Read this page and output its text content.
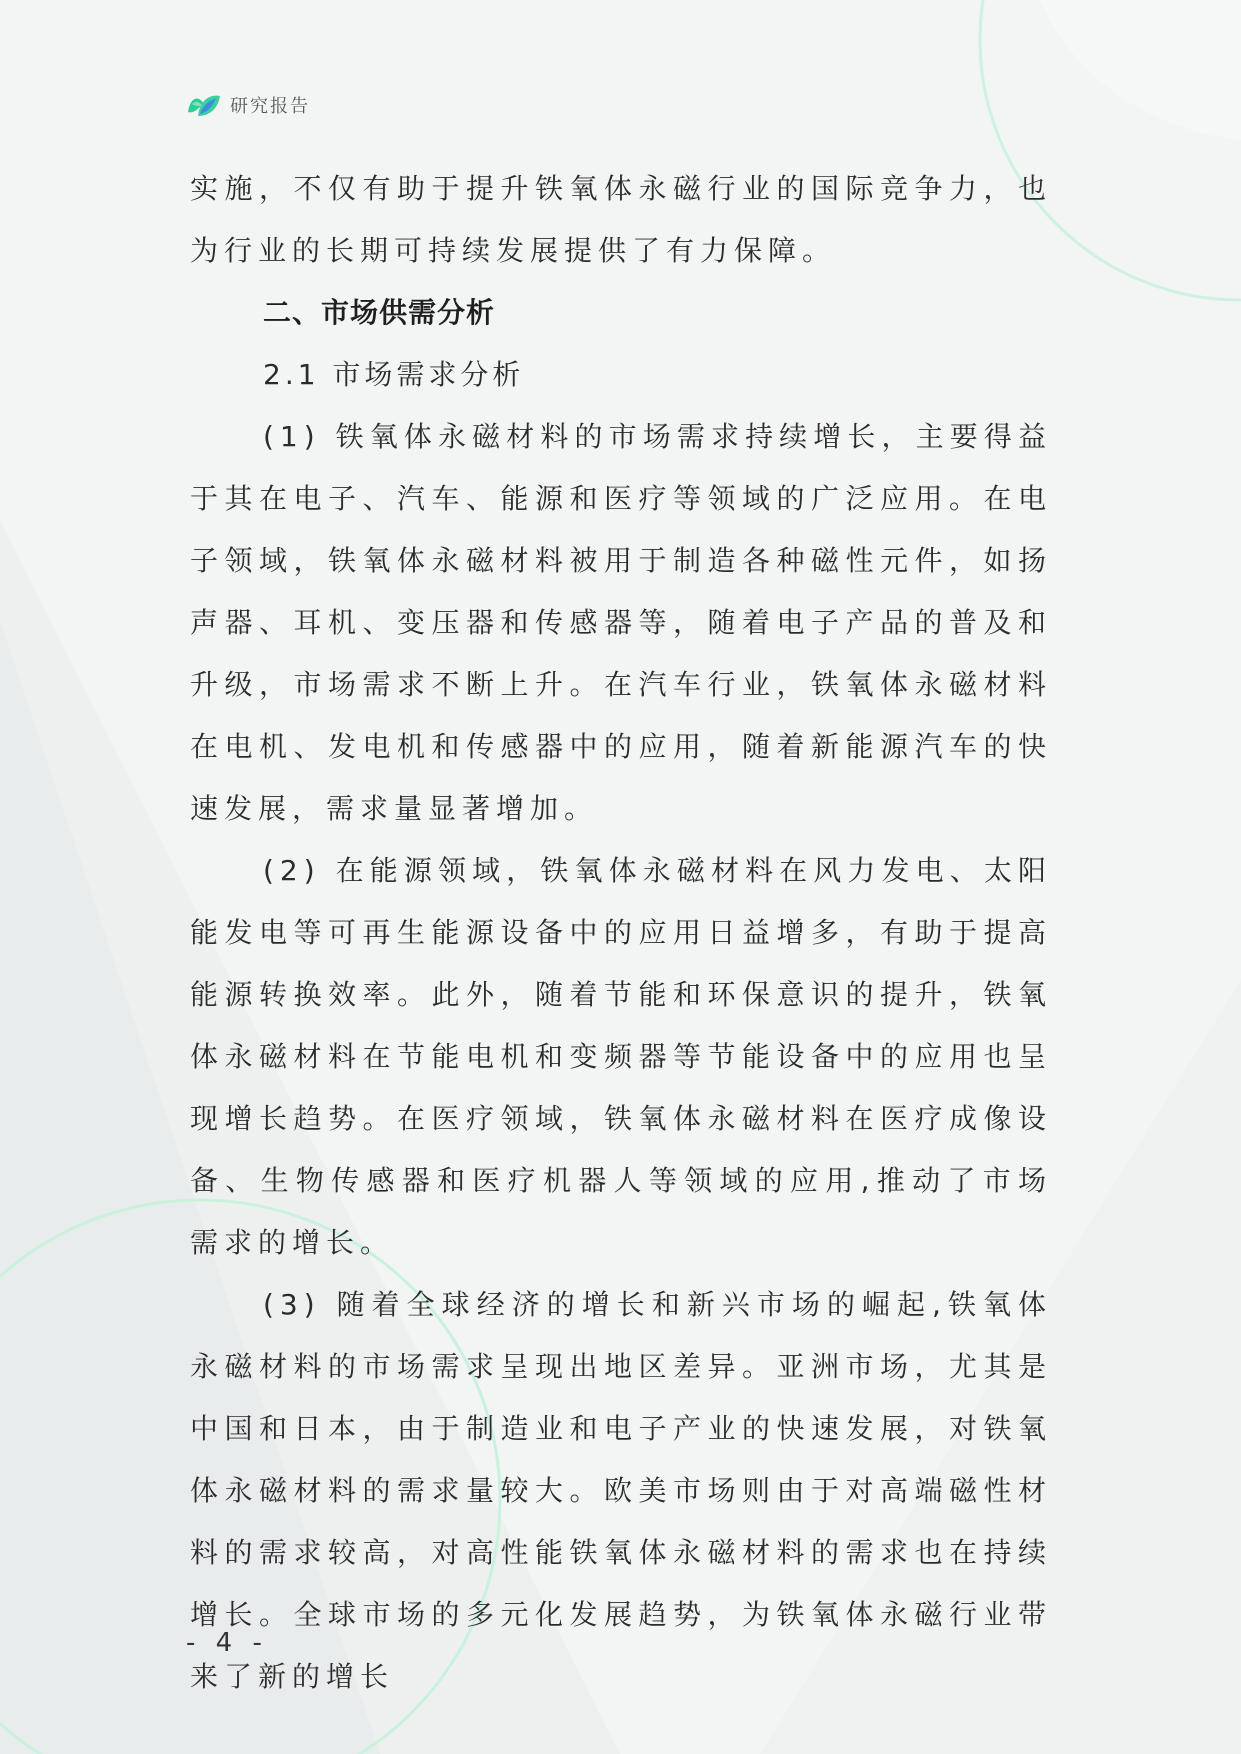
研究报告

实施，不仅有助于提升铁氧体永磁行业的国际竞争力，也为行业的长期可持续发展提供了有力保障。

二、市场供需分析
2.1 市场需求分析

(1) 铁氧体永磁材料的市场需求持续增长，主要得益于其在电子、汽车、能源和医疗等领域的广泛应用。在电子领域，铁氧体永磁材料被用于制造各种磁性元件，如扬声器、耳机、变压器和传感器等，随着电子产品的普及和升级，市场需求不断上升。在汽车行业，铁氧体永磁材料在电机、发电机和传感器中的应用，随着新能源汽车的快速发展，需求量显著增加。

(2) 在能源领域，铁氧体永磁材料在风力发电、太阳能发电等可再生能源设备中的应用日益增多，有助于提高能源转换效率。此外，随着节能和环保意识的提升，铁氧体永磁材料在节能电机和变频器等节能设备中的应用也呈现增长趋势。在医疗领域，铁氧体永磁材料在医疗成像设备、生物传感器和医疗机器人等领域的应用,推动了市场需求的增长。

(3) 随着全球经济的增长和新兴市场的崛起,铁氧体永磁材料的市场需求呈现出地区差异。亚洲市场，尤其是中国和日本，由于制造业和电子产业的快速发展，对铁氧体永磁材料的需求量较大。欧美市场则由于对高端磁性材料的需求较高，对高性能铁氧体永磁材料的需求也在持续增长。全球市场的多元化发展趋势，为铁氧体永磁行业带来了新的增长

- 4 -
